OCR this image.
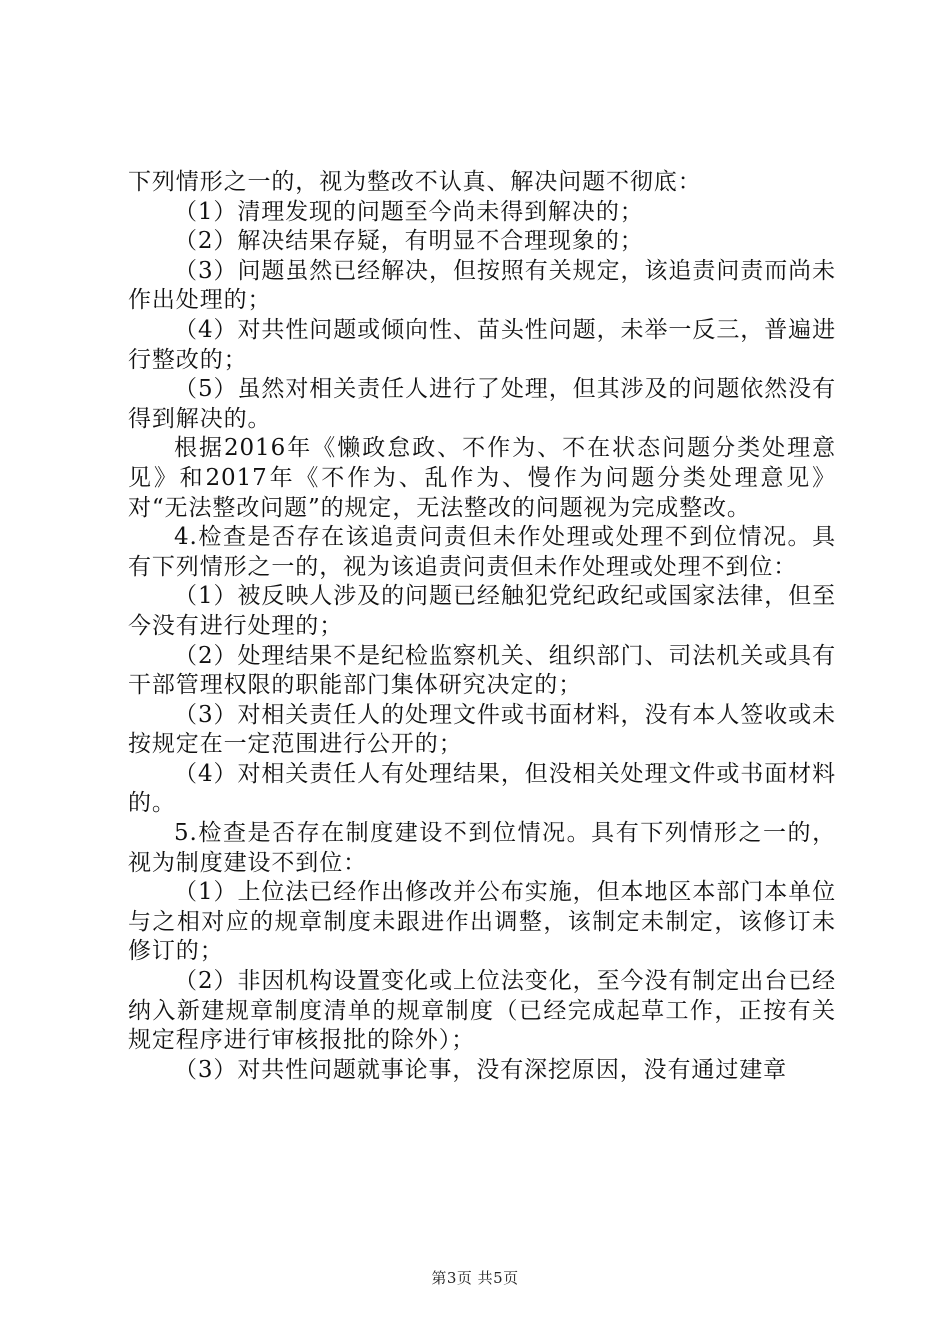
下列情形之一的，视为整改不认真、解决问题不彻底：

（1）清理发现的问题至今尚未得到解决的；

（2）解决结果存疑，有明显不合理现象的；

（3）问题虽然已经解决，但按照有关规定，该追责问责而尚未作出处理的；

（4）对共性问题或倾向性、苗头性问题，未举一反三，普遍进行整改的；

（5）虽然对相关责任人进行了处理，但其涉及的问题依然没有得到解决的。

根据2016年《懒政怠政、不作为、不在状态问题分类处理意见》和2017年《不作为、乱作为、慢作为问题分类处理意见》对“无法整改问题”的规定，无法整改的问题视为完成整改。

4.检查是否存在该追责问责但未作处理或处理不到位情况。具有下列情形之一的，视为该追责问责但未作处理或处理不到位：

（1）被反映人涉及的问题已经触犯党纪政纪或国家法律，但至今没有进行处理的；

（2）处理结果不是纪检监察机关、组织部门、司法机关或具有干部管理权限的职能部门集体研究决定的；

（3）对相关责任人的处理文件或书面材料，没有本人签收或未按规定在一定范围进行公开的；

（4）对相关责任人有处理结果，但没相关处理文件或书面材料的。

5.检查是否存在制度建设不到位情况。具有下列情形之一的，视为制度建设不到位：

（1）上位法已经作出修改并公布实施，但本地区本部门本单位与之相对应的规章制度未跟进作出调整，该制定未制定，该修订未修订的；

（2）非因机构设置变化或上位法变化，至今没有制定出台已经纳入新建规章制度清单的规章制度（已经完成起草工作，正按有关规定程序进行审核报批的除外）；

（3）对共性问题就事论事，没有深挖原因，没有通过建章

第3页 共5页
